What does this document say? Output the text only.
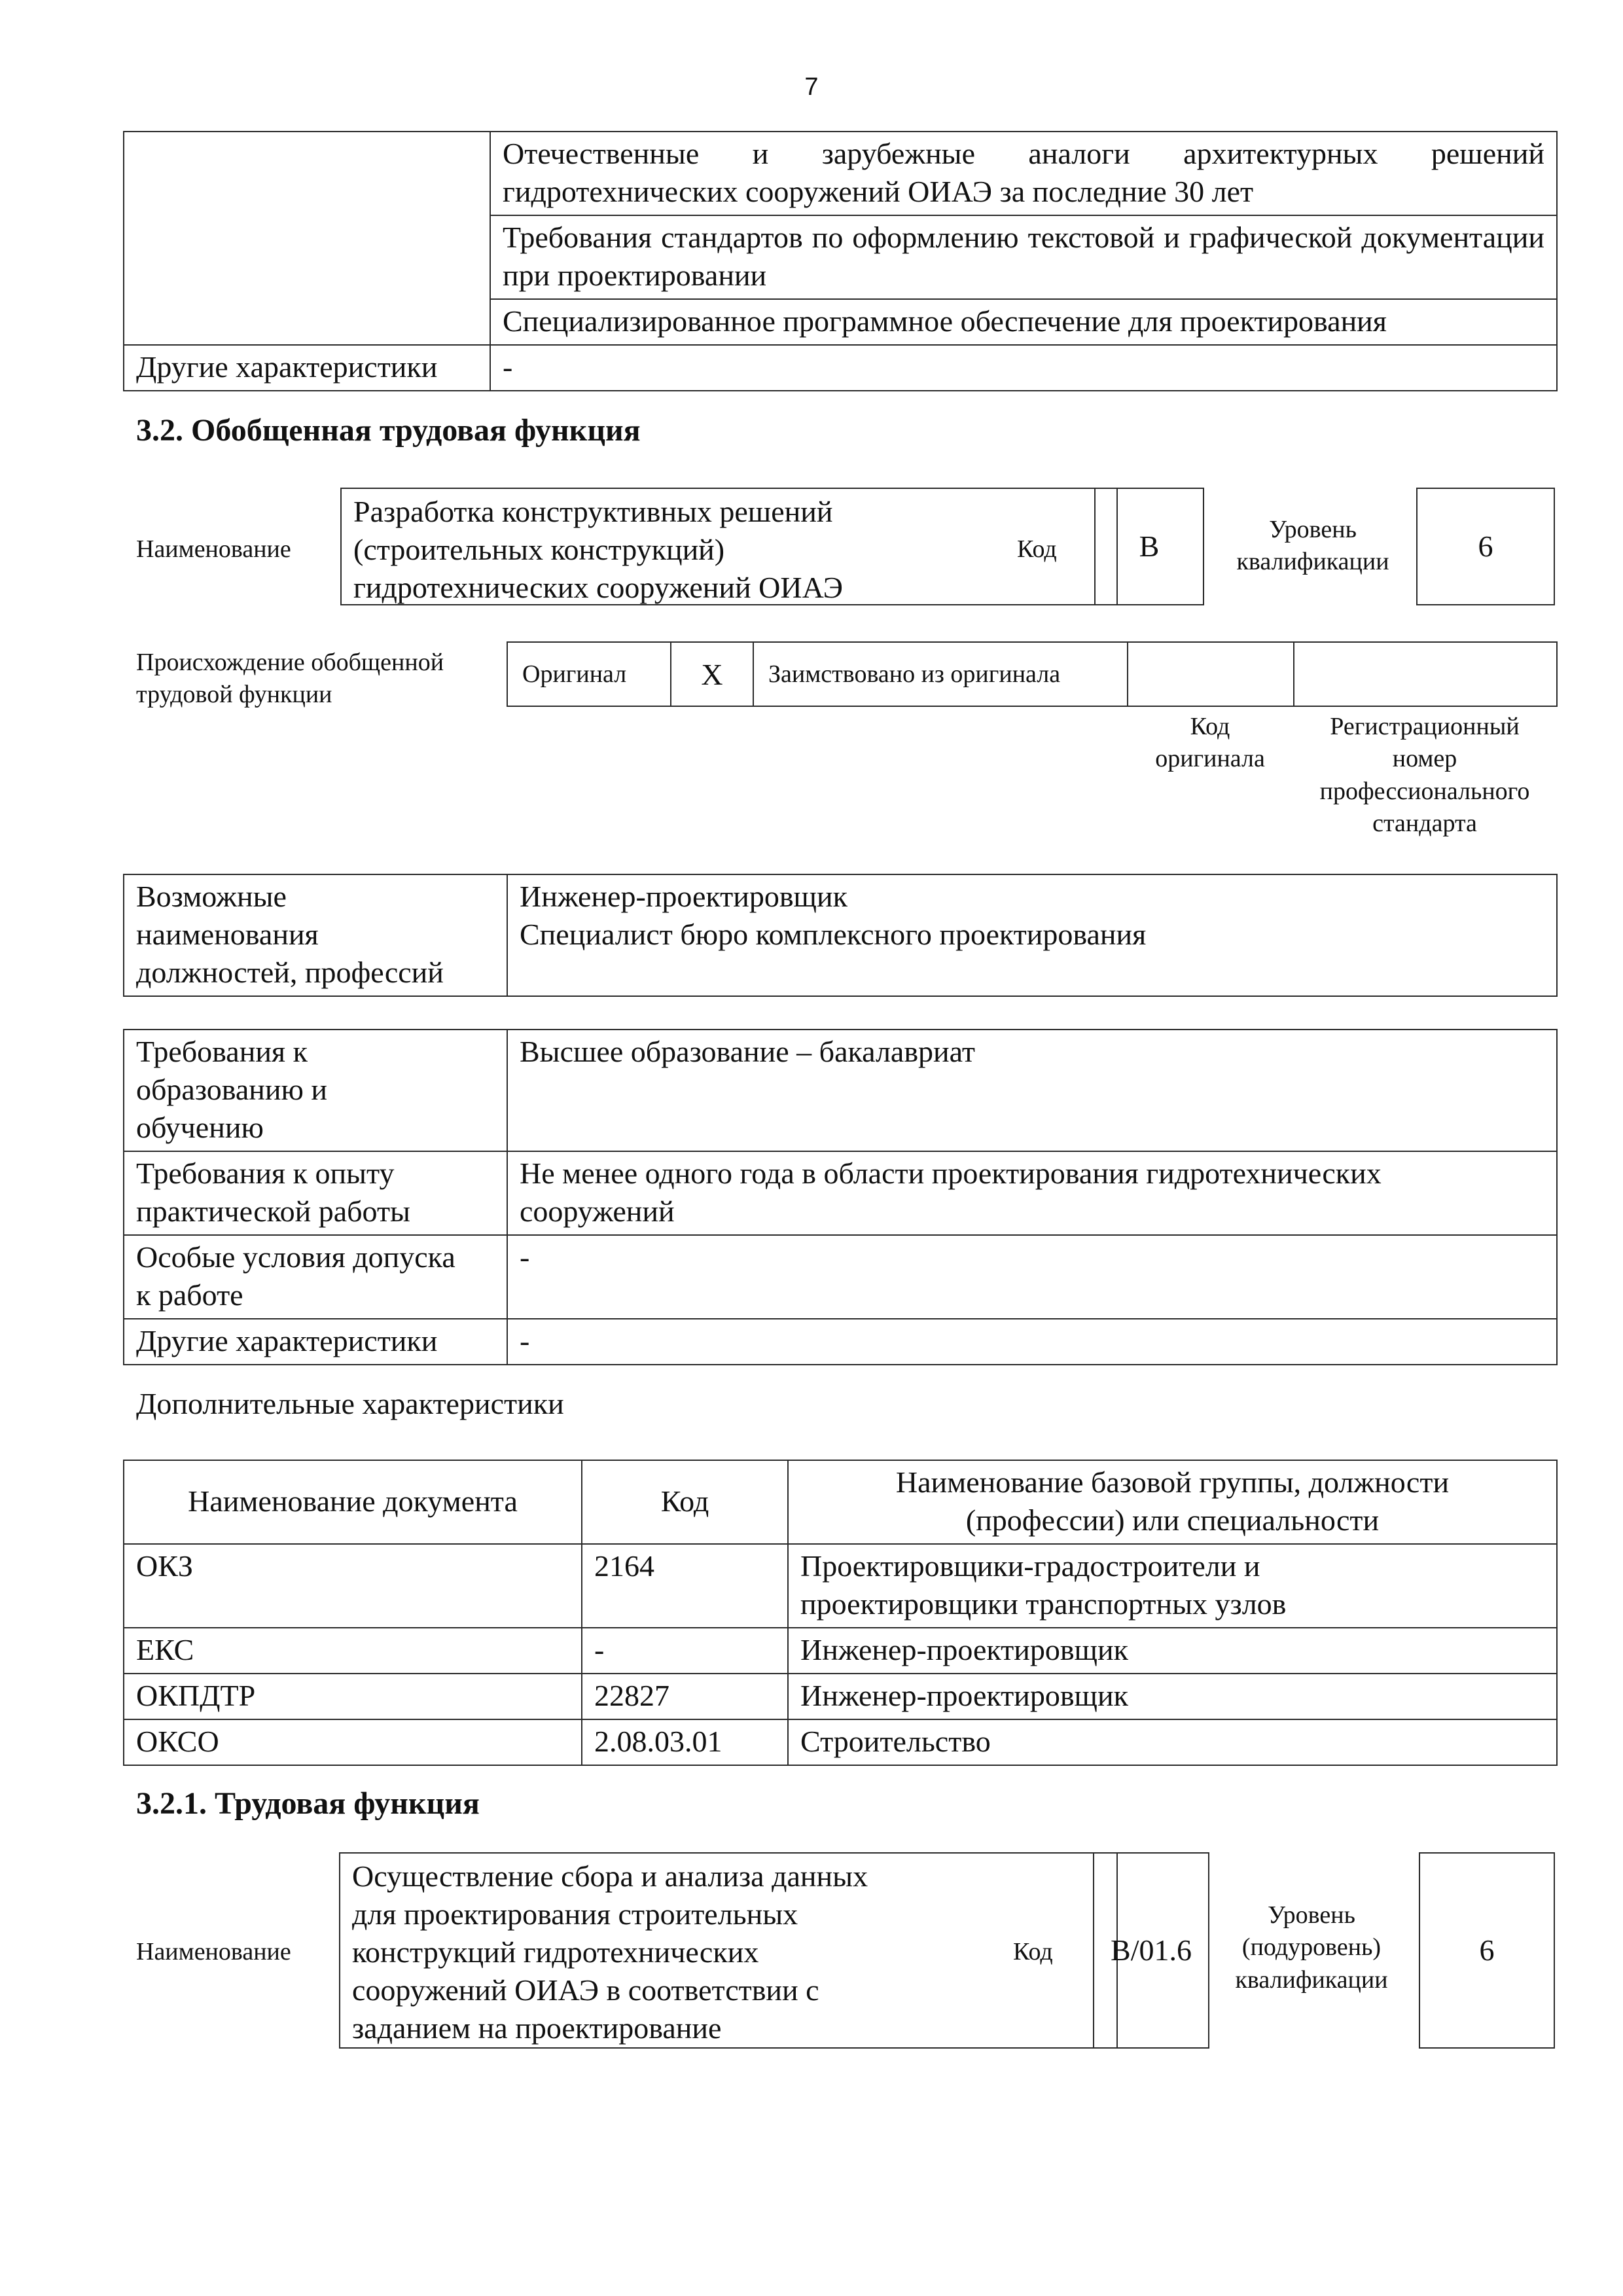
7
	Отечественные и зарубежные аналоги архитектурных решений гидротехнических сооружений ОИАЭ за последние 30 лет
	Требования стандартов по оформлению текстовой и графической документации при проектировании
	Специализированное программное обеспечение для проектирования
Другие характеристики	-
3.2. Обобщенная трудовая функция
Наименование
Разработка конструктивных решений
(строительных конструкций)
гидротехнических сооружений ОИАЭ
Код	B
Уровень
квалификации	6
Происхождение обобщенной
трудовой функции
Оригинал	X	Заимствовано из оригинала		
Код
оригинала
Регистрационный
номер
профессионального
стандарта
Возможные
наименования
должностей, профессий	Инженер-проектировщик
Специалист бюро комплексного проектирования
Требования к
образованию и
обучению	Высшее образование – бакалавриат
Требования к опыту
практической работы	Не менее одного года в области проектирования гидротехнических
сооружений
Особые условия допуска
к работе	-
Другие характеристики	-
Дополнительные характеристики
Наименование документа	Код	Наименование базовой группы, должности
(профессии) или специальности
ОКЗ	2164	Проектировщики-градостроители и
проектировщики транспортных узлов
ЕКС	-	Инженер-проектировщик
ОКПДТР	22827	Инженер-проектировщик
ОКСО	2.08.03.01	Строительство
3.2.1. Трудовая функция
Наименование
Осуществление сбора и анализа данных
для проектирования строительных
конструкций гидротехнических
сооружений ОИАЭ в соответствии с
заданием на проектирование
Код	B/01.6
Уровень
(подуровень)
квалификации
6
